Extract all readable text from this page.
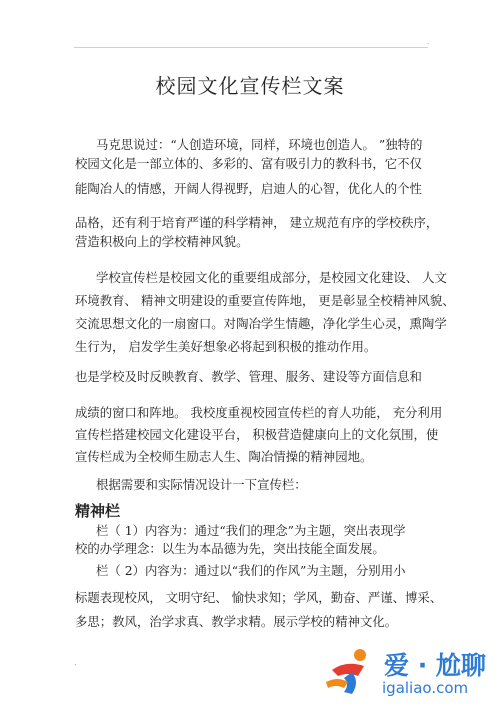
.
校园文化宣传栏文案
马克思说过：“人创造环境，同样，环境也创造人。 ”独特的
校园文化是一部立体的、多彩的、富有吸引力的教科书，它不仅
能陶冶人的情感，开阔人得视野，启迪人的心智，优化人的个性
品格，还有利于培育严谨的科学精神， 建立规范有序的学校秩序，
营造积极向上的学校精神风貌。
学校宣传栏是校园文化的重要组成部分，是校园文化建设、 人文
环境教育、 精神文明建设的重要宣传阵地， 更是彰显全校精神风貌、
交流思想文化的一扇窗口。对陶冶学生情趣，净化学生心灵，熏陶学
生行为， 启发学生美好想象必将起到积极的推动作用。
也是学校及时反映教育、教学、管理、服务、建设等方面信息和
成绩的窗口和阵地。 我校度重视校园宣传栏的育人功能， 充分利用
宣传栏搭建校园文化建设平台， 积极营造健康向上的文化氛围，使
宣传栏成为全校师生励志人生、陶冶情操的精神园地。
根据需要和实际情况设计一下宣传栏：
精神栏
栏（ 1）内容为：通过“我们的理念”为主题，突出表现学
校的办学理念：以生为本品德为先，突出技能全面发展。
栏（ 2）内容为：通过以“我们的作风”为主题，分别用小
标题表现校风， 文明守纪、 愉快求知；学风，勤奋、严谨、博采、
多思；教风，治学求真、教学求精。展示学校的精神文化。
.	爱 · 尬聊
igaliao.com
